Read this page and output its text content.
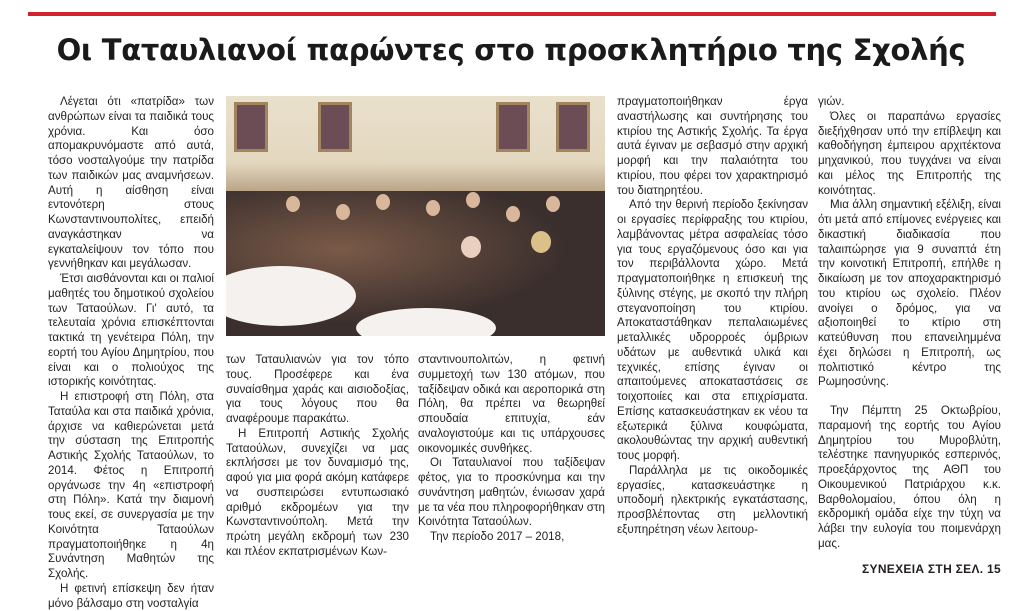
Οι Ταταυλιανοί παρώντες στο προσκλητήριο της Σχολής

Λέγεται ότι «πατρίδα» των ανθρώπων είναι τα παιδικά τους χρόνια. Και όσο απομακρυνόμαστε από αυτά, τόσο νοσταλγούμε την πατρίδα των παιδικών μας αναμνήσεων. Αυτή η αίσθηση είναι εντονότερη στους Κωνσταντινουπολίτες, επειδή αναγκάστηκαν να εγκαταλείψουν τον τόπο που γεννήθηκαν και μεγάλωσαν.

Έτσι αισθάνονται και οι παλιοί μαθητές του δημοτικού σχολείου των Ταταούλων. Γι' αυτό, τα τελευταία χρόνια επισκέπτονται τακτικά τη γενέτειρα Πόλη, την εορτή του Αγίου Δημητρίου, που είναι και ο πολιούχος της ιστορικής κοινότητας.

Η επιστροφή στη Πόλη, στα Ταταύλα και στα παιδικά χρόνια, άρχισε να καθιερώνεται μετά την σύσταση της Επιτροπής Αστικής Σχολής Ταταούλων, το 2014. Φέτος η Επιτροπή οργάνωσε την 4η «επιστροφή στη Πόλη». Κατά την διαμονή τους εκεί, σε συνεργασία με την Κοινότητα Ταταούλων πραγματοποιήθηκε η 4η Συνάντηση Μαθητών της Σχολής.

Η φετινή επίσκεψη δεν ήταν μόνο βάλσαμο στη νοσταλγία

των Ταταυλιανών για τον τόπο τους. Προσέφερε και ένα συναίσθημα χαράς και αισιοδοξίας, για τους λόγους που θα αναφέρουμε παρακάτω.

Η Επιτροπή Αστικής Σχολής Ταταούλων, συνεχίζει να μας εκπλήσσει με τον δυναμισμό της, αφού για μια φορά ακόμη κατάφερε να συσπειρώσει εντυπωσιακό αριθμό εκδρομέων για την Κωνσταντινούπολη. Μετά την πρώτη μεγάλη εκδρομή των 230 και πλέον εκπατρισμένων Κων-

σταντινουπολιτών, η φετινή συμμετοχή των 130 ατόμων, που ταξίδεψαν οδικά και αεροπορικά στη Πόλη, θα πρέπει να θεωρηθεί σπουδαία επιτυχία, εάν αναλογιστούμε και τις υπάρχουσες οικονομικές συνθήκες.

Οι Ταταυλιανοί που ταξίδεψαν φέτος, για το προσκύνημα και την συνάντηση μαθητών, ένιωσαν χαρά με τα νέα που πληροφορήθηκαν στη Κοινότητα Ταταούλων.

Την περίοδο 2017 – 2018,

πραγματοποιήθηκαν έργα αναστήλωσης και συντήρησης του κτιρίου της Αστικής Σχολής. Τα έργα αυτά έγιναν με σεβασμό στην αρχική μορφή και την παλαιότητα του κτιρίου, που φέρει τον χαρακτηρισμό του διατηρητέου.

Από την θερινή περίοδο ξεκίνησαν οι εργασίες περίφραξης του κτιρίου, λαμβάνοντας μέτρα ασφαλείας τόσο για τους εργαζόμενους όσο και για τον περιβάλλοντα χώρο. Μετά πραγματοποιήθηκε η επισκευή της ξύλινης στέγης, με σκοπό την πλήρη στεγανοποίηση του κτιρίου. Αποκαταστάθηκαν πεπαλαιωμένες μεταλλικές υδρορροές όμβριων υδάτων με αυθεντικά υλικά και τεχνικές, επίσης έγιναν οι απαιτούμενες αποκαταστάσεις σε τοιχοποιίες και στα επιχρίσματα. Επίσης κατασκευάστηκαν εκ νέου τα εξωτερικά ξύλινα κουφώματα, ακολουθώντας την αρχική αυθεντική τους μορφή.

Παράλληλα με τις οικοδομικές εργασίες, κατασκευάστηκε η υποδομή ηλεκτρικής εγκατάστασης, προσβλέποντας στη μελλοντική εξυπηρέτηση νέων λειτουρ-

γιών.

Όλες οι παραπάνω εργασίες διεξήχθησαν υπό την επίβλεψη και καθοδήγηση έμπειρου αρχιτέκτονα μηχανικού, που τυγχάνει να είναι και μέλος της Επιτροπής της κοινότητας.

Μια άλλη σημαντική εξέλιξη, είναι ότι μετά από επίμονες ενέργειες και δικαστική διαδικασία που ταλαιπώρησε για 9 συναπτά έτη την κοινοτική Επιτροπή, επήλθε η δικαίωση με τον αποχαρακτηρισμό του κτιρίου ως σχολείο. Πλέον ανοίγει ο δρόμος, για να αξιοποιηθεί το κτίριο στη κατεύθυνση που επανειλημμένα έχει δηλώσει η Επιτροπή, ως πολιτιστικό κέντρο της Ρωμηοσύνης.

Την Πέμπτη 25 Οκτωβρίου, παραμονή της εορτής του Αγίου Δημητρίου του Μυροβλύτη, τελέστηκε πανηγυρικός εσπερινός, προεξάρχοντος της ΑΘΠ του Οικουμενικού Πατριάρχου κ.κ. Βαρθολομαίου, όπου όλη η εκδρομική ομάδα είχε την τύχη να λάβει την ευλογία του ποιμενάρχη μας.

ΣΥΝΕΧΕΙΑ ΣΤΗ ΣΕΛ. 15
